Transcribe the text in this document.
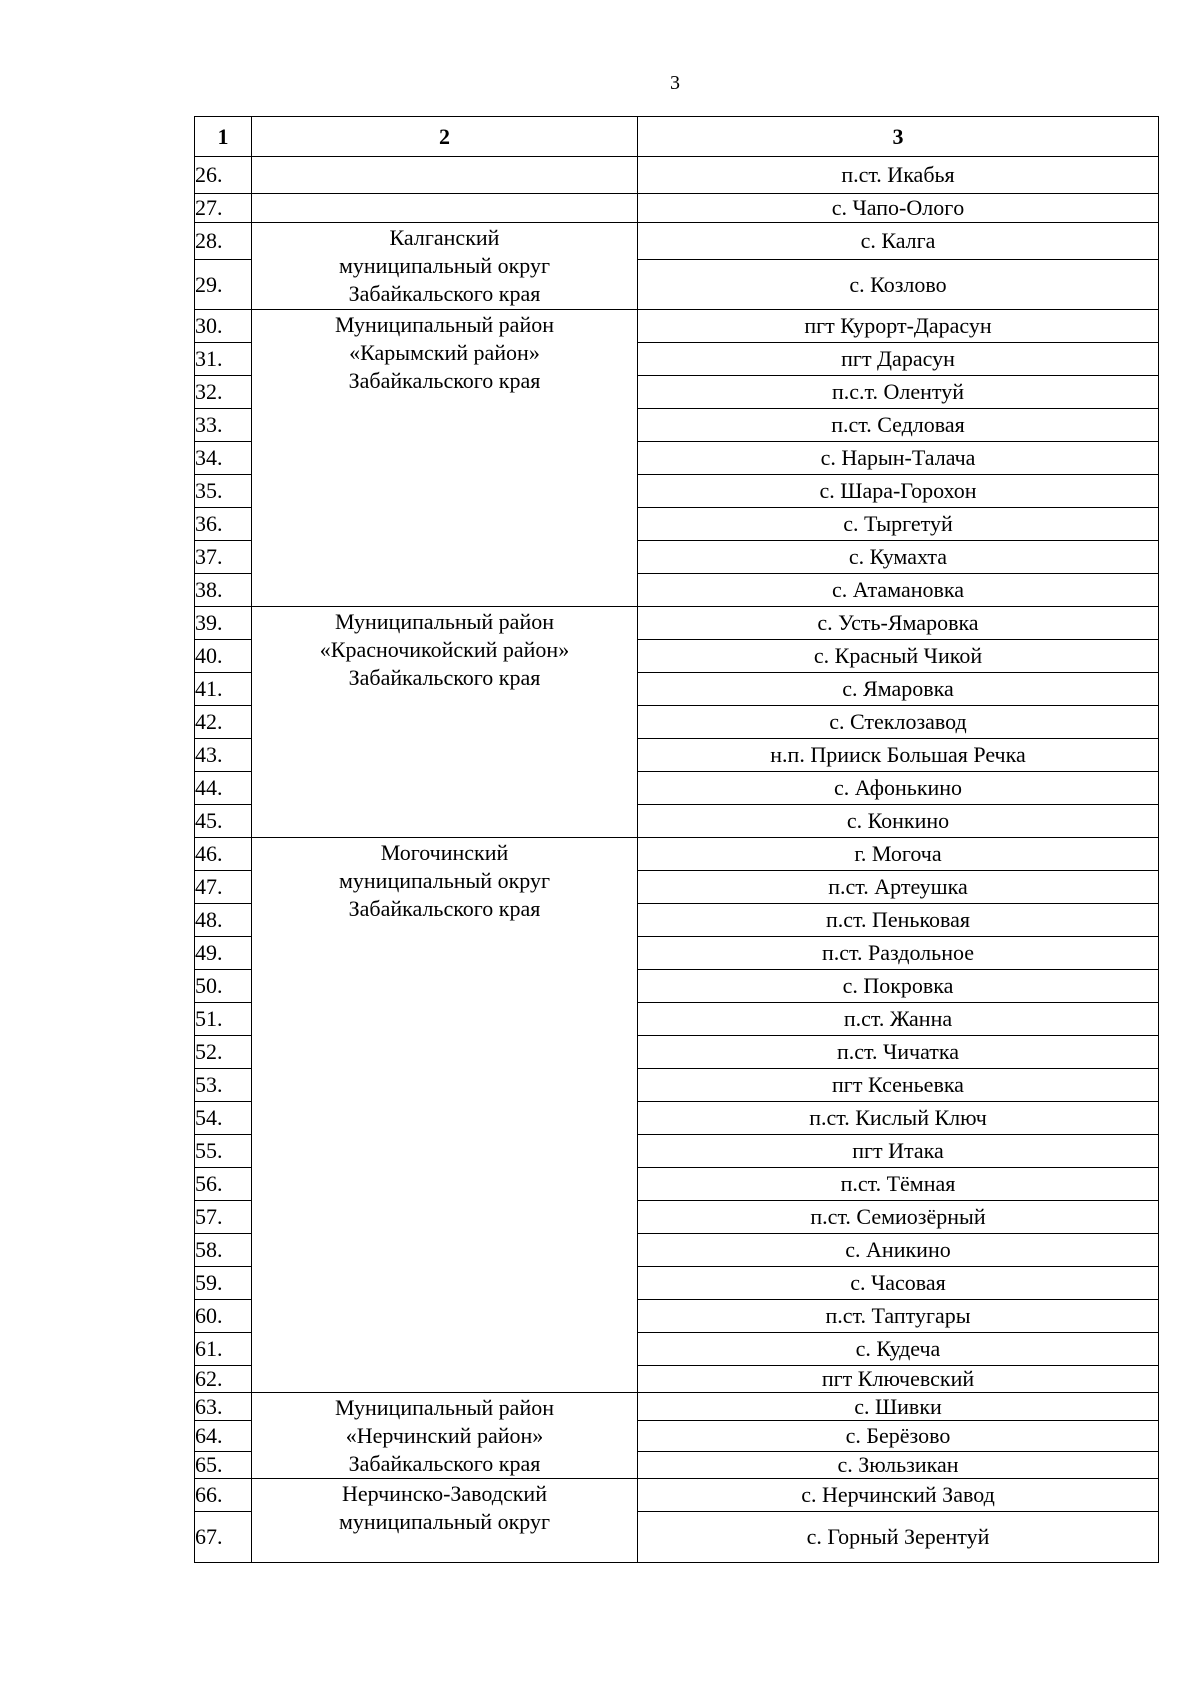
3
1	2	3
26.		п.ст. Икабья
27.		с. Чапо-Ологo
28.	Калганский
муниципальный округ
Забайкальского края	с. Калга
29.		с. Козлово
30.	Муниципальный район
«Карымский район»
Забайкальского края	пгт Курорт-Дарасун
31.		пгт Дарасун
32.		п.с.т. Олентуй
33.		п.ст. Седловая
34.		с. Нарын-Талача
35.		с. Шара-Горохон
36.		с. Тыргетуй
37.		с. Кумахта
38.		с. Атамановка
39.	Муниципальный район
«Красночикойский район»
Забайкальского края	с. Усть-Ямаровка
40.		с. Красный Чикой
41.		с. Ямаровка
42.		с. Стеклозавод
43.		н.п. Прииск Большая Речка
44.		с. Афонькино
45.		с. Конкино
46.	Могочинский
муниципальный округ
Забайкальского края	г. Могоча
47.		п.ст. Артеушка
48.		п.ст. Пеньковая
49.		п.ст. Раздольное
50.		с. Покровка
51.		п.ст. Жанна
52.		п.ст. Чичатка
53.		пгт Ксеньевка
54.		п.ст. Кислый Ключ
55.		пгт Итака
56.		п.ст. Тёмная
57.		п.ст. Семиозёрный
58.		с. Аникино
59.		с. Часовая
60.		п.ст. Таптугары
61.		с. Кудеча
62.		пгт Ключевский
63.	Муниципальный район
«Нерчинский район»
Забайкальского края	с. Шивки
64.		с. Берёзово
65.		с. Зюльзикан
66.	Нерчинско-Заводский
муниципальный округ	с. Нерчинский Завод
67.		с. Горный Зерентуй
